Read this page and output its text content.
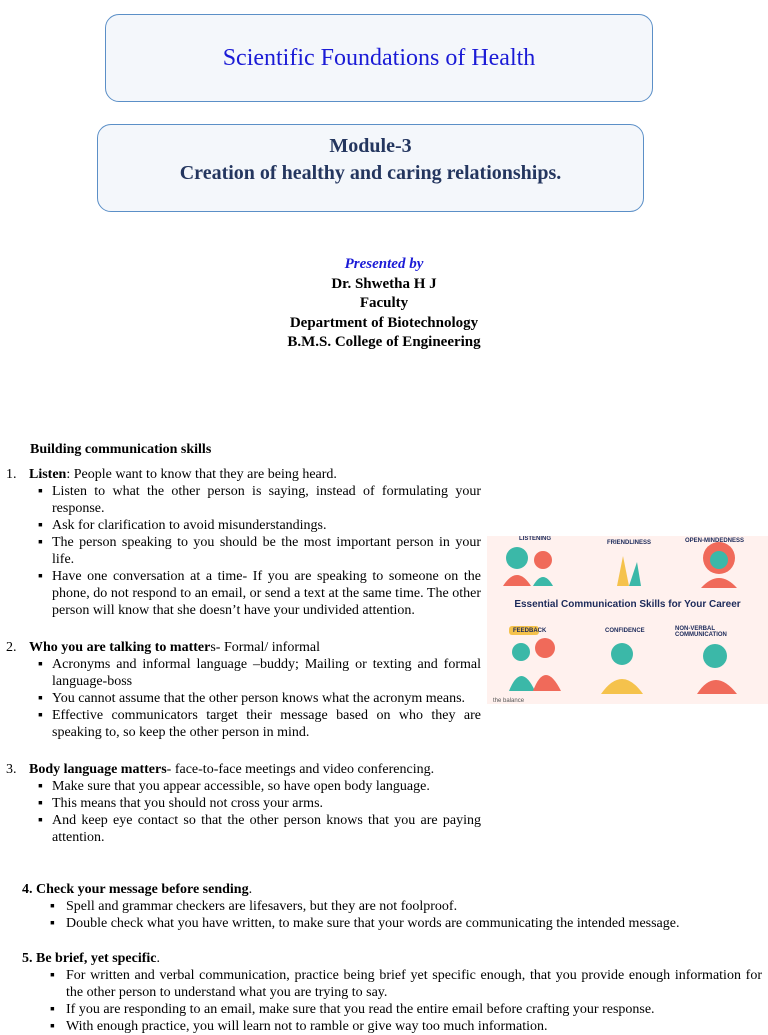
Scientific Foundations of Health
Module-3
Creation of healthy and caring relationships.
Presented by
Dr. Shwetha H J
Faculty
Department of Biotechnology
B.M.S. College of Engineering
Building communication skills
1. Listen: People want to know that they are being heard.
▪ Listen to what the other person is saying, instead of formulating your response.
▪ Ask for clarification to avoid misunderstandings.
▪ The person speaking to you should be the most important person in your life.
▪ Have one conversation at a time- If you are speaking to someone on the phone, do not respond to an email, or send a text at the same time. The other person will know that she doesn’t have your undivided attention.
2. Who you are talking to matters- Formal/ informal
▪ Acronyms and informal language –buddy; Mailing or texting and formal language-boss
▪ You cannot assume that the other person knows what the acronym means.
▪ Effective communicators target their message based on who they are speaking to, so keep the other person in mind.
3. Body language matters- face-to-face meetings and video conferencing.
▪ Make sure that you appear accessible, so have open body language.
▪ This means that you should not cross your arms.
▪ And keep eye contact so that the other person knows that you are paying attention.
4. Check your message before sending.
▪ Spell and grammar checkers are lifesavers, but they are not foolproof.
▪ Double check what you have written, to make sure that your words are communicating the intended message.
5. Be brief, yet specific.
▪ For written and verbal communication, practice being brief yet specific enough, that you provide enough information for the other person to understand what you are trying to say.
▪ If you are responding to an email, make sure that you read the entire email before crafting your response.
▪ With enough practice, you will learn not to ramble or give way too much information.
Essential Communication Skills for Your Career
LISTENING
FRIENDLINESS	OPEN-MINDEDNESS
FEEDBACK	CONFIDENCE	NON-VERBAL COMMUNICATION
the balance
